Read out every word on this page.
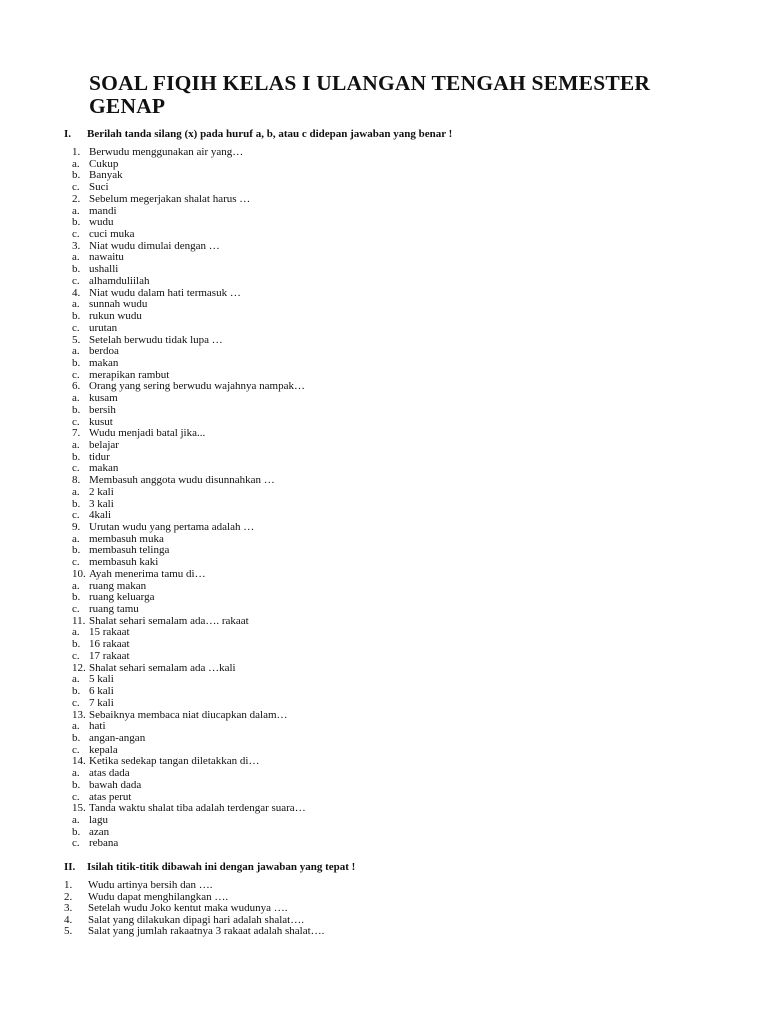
SOAL FIQIH KELAS I ULANGAN TENGAH SEMESTER GENAP
I. Berilah tanda silang (x) pada huruf a, b, atau c didepan jawaban yang benar !
1. Berwudu menggunakan air yang…
a. Cukup
b. Banyak
c. Suci
2. Sebelum megerjakan shalat harus …
a. mandi
b. wudu
c. cuci muka
3. Niat wudu dimulai dengan …
a. nawaitu
b. ushalli
c. alhamduliilah
4. Niat wudu dalam hati termasuk …
a. sunnah wudu
b. rukun wudu
c. urutan
5. Setelah berwudu tidak lupa …
a. berdoa
b. makan
c. merapikan rambut
6. Orang yang sering berwudu wajahnya nampak…
a. kusam
b. bersih
c. kusut
7. Wudu menjadi batal jika...
a. belajar
b. tidur
c. makan
8. Membasuh anggota wudu disunnahkan …
a. 2 kali
b. 3 kali
c. 4kali
9. Urutan wudu yang pertama adalah …
a. membasuh muka
b. membasuh telinga
c. membasuh kaki
10. Ayah menerima tamu di…
a. ruang makan
b. ruang keluarga
c. ruang tamu
11. Shalat sehari semalam ada…. rakaat
a. 15 rakaat
b. 16 rakaat
c. 17 rakaat
12. Shalat sehari semalam ada …kali
a. 5 kali
b. 6 kali
c. 7 kali
13. Sebaiknya membaca niat diucapkan dalam…
a. hati
b. angan-angan
c. kepala
14. Ketika sedekap tangan diletakkan di…
a. atas dada
b. bawah dada
c. atas perut
15. Tanda waktu shalat tiba adalah terdengar suara…
a. lagu
b. azan
c. rebana
II. Isilah titik-titik dibawah ini dengan jawaban yang tepat !
1. Wudu artinya bersih dan ….
2. Wudu dapat menghilangkan ….
3. Setelah wudu Joko kentut maka wudunya ….
4. Salat yang dilakukan dipagi hari adalah shalat….
5. Salat yang jumlah rakaatnya 3 rakaat adalah shalat….
